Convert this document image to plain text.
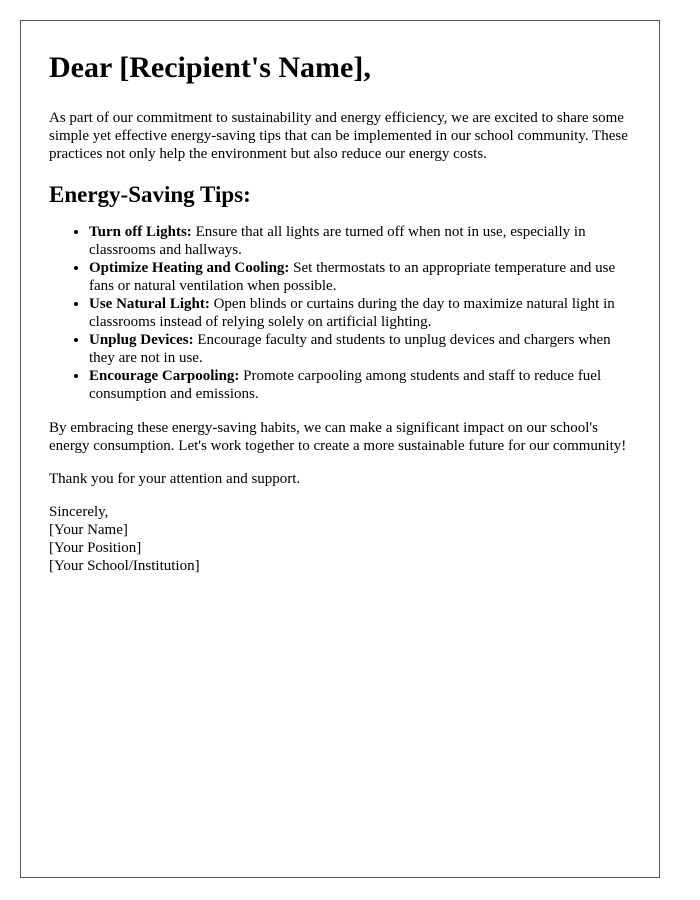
Dear [Recipient's Name],

As part of our commitment to sustainability and energy efficiency, we are excited to share some simple yet effective energy-saving tips that can be implemented in our school community. These practices not only help the environment but also reduce our energy costs.

Energy-Saving Tips:
• Turn off Lights: Ensure that all lights are turned off when not in use, especially in classrooms and hallways.
• Optimize Heating and Cooling: Set thermostats to an appropriate temperature and use fans or natural ventilation when possible.
• Use Natural Light: Open blinds or curtains during the day to maximize natural light in classrooms instead of relying solely on artificial lighting.
• Unplug Devices: Encourage faculty and students to unplug devices and chargers when they are not in use.
• Encourage Carpooling: Promote carpooling among students and staff to reduce fuel consumption and emissions.

By embracing these energy-saving habits, we can make a significant impact on our school's energy consumption. Let's work together to create a more sustainable future for our community!

Thank you for your attention and support.

Sincerely,
[Your Name]
[Your Position]
[Your School/Institution]
